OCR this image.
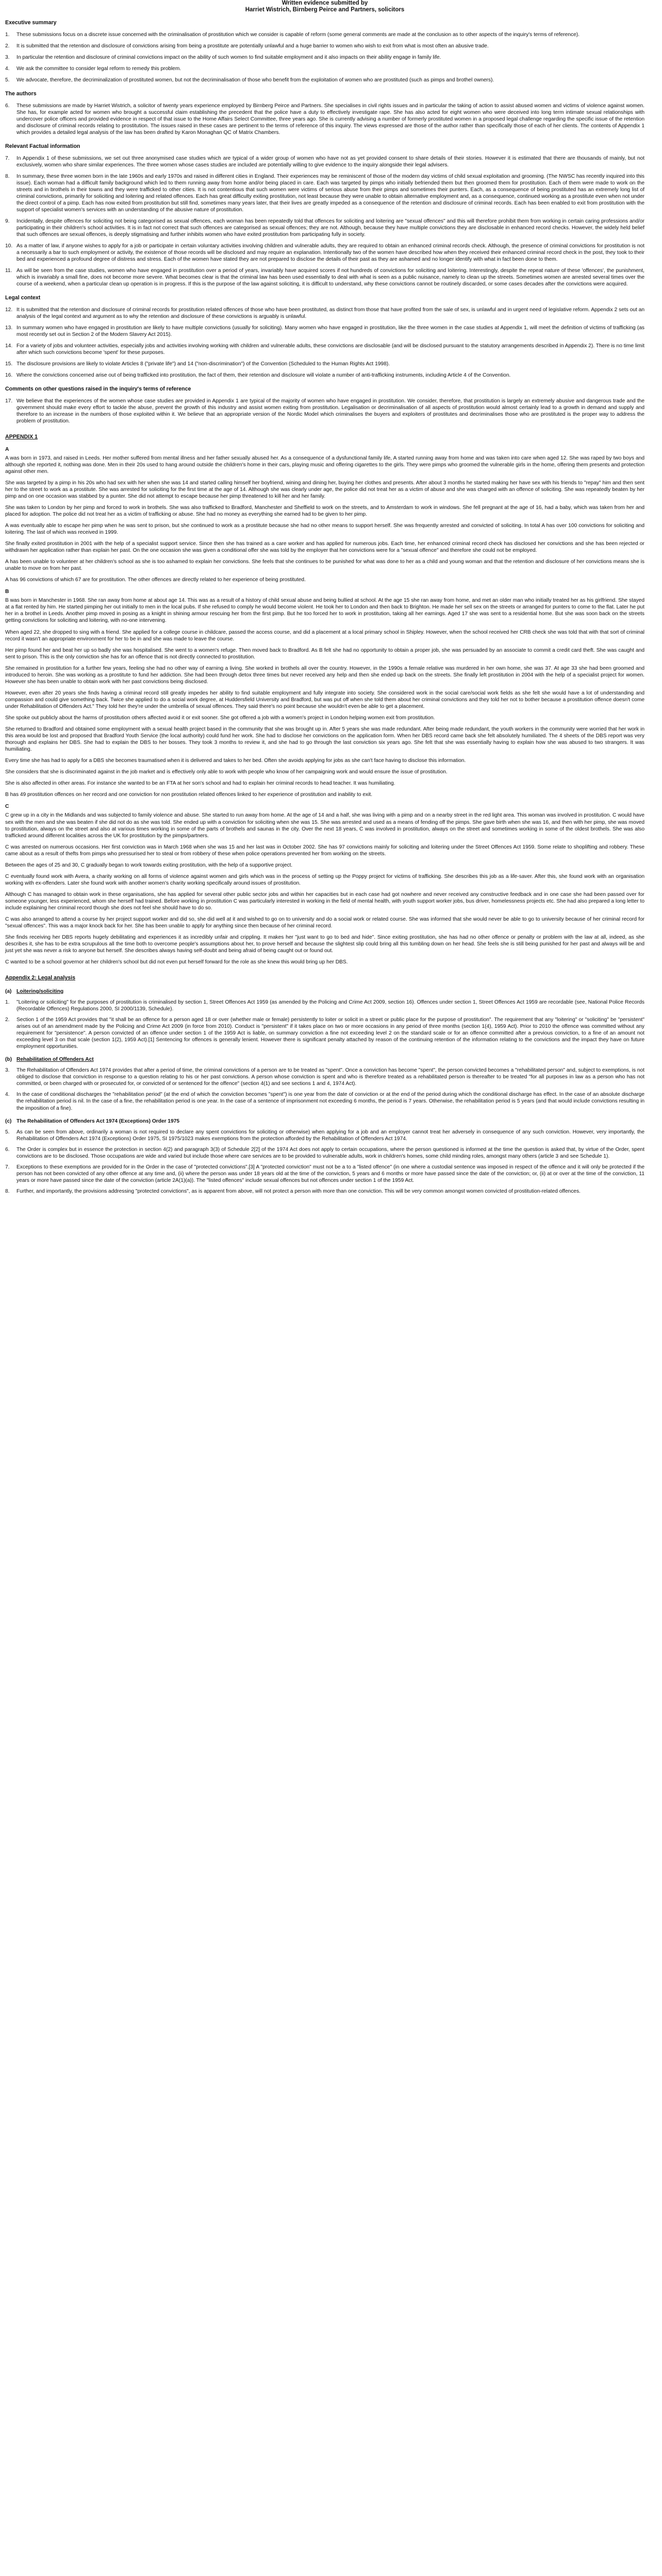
Written evidence submitted by
Harriet Wistrich, Birnberg Peirce and Partners, solicitors
Executive summary
1. These submissions focus on a discrete issue concerned with the criminalisation of prostitution which we consider is capable of reform (some general comments are made at the conclusion as to other aspects of the inquiry's terms of reference).
2. It is submitted that the retention and disclosure of convictions arising from being a prostitute are potentially unlawful and a huge barrier to women who wish to exit from what is most often an abusive trade.
3. In particular the retention and disclosure of criminal convictions impact on the ability of such women to find suitable employment and it also impacts on their ability engage in family life.
4. We ask the committee to consider legal reform to remedy this problem.
5. We advocate, therefore, the decriminalization of prostituted women, but not the decriminalisation of those who benefit from the exploitation of women who are prostituted (such as pimps and brothel owners).
The authors
6. These submissions are made by Harriet Wistrich, a solicitor of twenty years experience employed by Birnberg Peirce and Partners. She specialises in civil rights issues and in particular the taking of action to assist abused women and victims of violence against women. She has, for example acted for women who brought a successful claim establishing the precedent that the police have a duty to effectively investigate rape. She has also acted for eight women who were deceived into long term intimate sexual relationships with undercover police officers and provided evidence in respect of that issue to the Home Affairs Select Committee, three years ago. She is currently advising a number of formerly prostituted women in a proposed legal challenge regarding the specific issue of the retention and disclosure of criminal records relating to prostitution. The issues raised in these cases are pertinent to the terms of reference of this inquiry. The views expressed are those of the author rather than specifically those of each of her clients. The contents of Appendix 1 which provides a detailed legal analysis of the law has been drafted by Karon Monaghan QC of Matrix Chambers.
Relevant Factual information
7. In Appendix 1 of these submissions, we set out three anonymised case studies which are typical of a wider group of women who have not as yet provided consent to share details of their stories. However it is estimated that there are thousands of mainly, but not exclusively, women who share similar experiences. The three women whose cases studies are included are potentially willing to give evidence to the inquiry alongside their legal advisers.
8. In summary, these three women born in the late 1960s and early 1970s and raised in different cities in England. Their experiences may be reminiscent of those of the modern day victims of child sexual exploitation and grooming. (The NWSC has recently inquired into this issue). Each woman had a difficult family background which led to them running away from home and/or being placed in care. Each was targeted by pimps who initially befriended them but then groomed them for prostitution. Each of them were made to work on the streets and in brothels in their towns and they were trafficked to other cities. It is not contentious that such women were victims of serious abuse from their pimps and sometimes their punters. Each, as a consequence of being prostituted has an extremely long list of criminal convictions, primarily for soliciting and loitering and related offences. Each has great difficulty exiting prostitution, not least because they were unable to obtain alternative employment and, as a consequence, continued working as a prostitute even when not under the direct control of a pimp. Each has now exited from prostitution but still find, sometimes many years later, that their lives are greatly impeded as a consequence of the retention and disclosure of criminal records. Each has been enabled to exit from prostitution with the support of specialist women's services with an understanding of the abusive nature of prostitution.
9. Incidentally, despite offences for soliciting not being categorised as sexual offences, each woman has been repeatedly told that offences for soliciting and loitering are "sexual offences" and this will therefore prohibit them from working in certain caring professions and/or participating in their children's school activities. It is in fact not correct that such offences are categorised as sexual offences; they are not. Although, because they have multiple convictions they are disclosable in enhanced record checks. However, the widely held belief that such offences are sexual offences, is deeply stigmatising and further inhibits women who have exited prostitution from participating fully in society.
10. As a matter of law, if anyone wishes to apply for a job or participate in certain voluntary activities involving children and vulnerable adults, they are required to obtain an enhanced criminal records check. Although, the presence of criminal convictions for prostitution is not a necessarily a bar to such employment or activity, the existence of those records will be disclosed and may require an explanation. Intentionally two of the women have described how when they received their enhanced criminal record check in the post, they took to their bed and experienced a profound degree of distress and stress. Each of the women have stated they are not prepared to disclose the details of their past as they are ashamed and no longer identify with what in fact been done to them.
11. As will be seen from the case studies, women who have engaged in prostitution over a period of years, invariably have acquired scores if not hundreds of convictions for soliciting and loitering. Interestingly, despite the repeat nature of these 'offences', the punishment, which is invariably a small fine, does not become more severe. What becomes clear is that the criminal law has been used essentially to deal with what is seen as a public nuisance, namely to clean up the streets. Sometimes women are arrested several times over the course of a weekend, when a particular clean up operation is in progress. If this is the purpose of the law against soliciting, it is difficult to understand, why these convictions cannot be routinely discarded, or some cases decades after the convictions were acquired.
Legal context
12. It is submitted that the retention and disclosure of criminal records for prostitution related offences of those who have been prostituted, as distinct from those that have profited from the sale of sex, is unlawful and in urgent need of legislative reform. Appendix 2 sets out an analysis of the legal context and argument as to why the retention and disclosure of these convictions is arguably is unlawful.
13. In summary women who have engaged in prostitution are likely to have multiple convictions (usually for soliciting). Many women who have engaged in prostitution, like the three women in the case studies at Appendix 1, will meet the definition of victims of trafficking (as most recently set out in Section 2 of the Modern Slavery Act 2015).
14. For a variety of jobs and volunteer activities, especially jobs and activities involving working with children and vulnerable adults, these convictions are disclosable (and will be disclosed pursuant to the statutory arrangements described in Appendix 2). There is no time limit after which such convictions become 'spent' for these purposes.
15. The disclosure provisions are likely to violate Articles 8 ("private life") and 14 ("non-discrimination") of the Convention (Scheduled to the Human Rights Act 1998).
16. Where the convictions concerned arise out of being trafficked into prostitution, the fact of them, their retention and disclosure will violate a number of anti-trafficking instruments, including Article 4 of the Convention.
Comments on other questions raised in the inquiry's terms of reference
17. We believe that the experiences of the women whose case studies are provided in Appendix 1 are typical of the majority of women who have engaged in prostitution. We consider, therefore, that prostitution is largely an extremely abusive and dangerous trade and the government should make every effort to tackle the abuse, prevent the growth of this industry and assist women exiting from prostitution. Legalisation or decriminalisation of all aspects of prostitution would almost certainly lead to a growth in demand and supply and therefore to an increase in the numbers of those exploited within it. We believe that an appropriate version of the Nordic Model which criminalises the buyers and exploiters of prostitutes and decriminalises those who are prostituted is the proper way to address the problem of prostitution.
APPENDIX 1
A

A was born in 1973, and raised in Leeds. Her mother suffered from mental illness and her father sexually abused her. As a consequence of a dysfunctional family life, A started running away from home and was taken into care when aged 12. She was raped by two boys and although she reported it, nothing was done. Men in their 20s used to hang around outside the children's home in their cars, playing music and offering cigarettes to the girls. They were pimps who groomed the vulnerable girls in the home, offering them presents and protection against other men.

She was targeted by a pimp in his 20s who had sex with her when she was 14 and started calling himself her boyfriend, wining and dining her, buying her clothes and presents. After about 3 months he started making her have sex with his friends to "repay" him and then sent her to the street to work as a prostitute. She was arrested for soliciting for the first time at the age of 14. Although she was clearly under age, the police did not treat her as a victim of abuse and she was charged with an offence of soliciting. She was repeatedly beaten by her pimp and on one occasion was stabbed by a punter. She did not attempt to escape because her pimp threatened to kill her and her family.

She was taken to London by her pimp and forced to work in brothels. She was also trafficked to Bradford, Manchester and Sheffield to work on the streets, and to Amsterdam to work in windows. She fell pregnant at the age of 16, had a baby, which was taken from her and placed for adoption. The police did not treat her as a victim of trafficking or abuse. She had no money as everything she earned had to be given to her pimp.

A was eventually able to escape her pimp when he was sent to prison, but she continued to work as a prostitute because she had no other means to support herself. She was frequently arrested and convicted of soliciting. In total A has over 100 convictions for soliciting and loitering. The last of which was received in 1999.

She finally exited prostitution in 2001 with the help of a specialist support service. Since then she has trained as a care worker and has applied for numerous jobs. Each time, her enhanced criminal record check has disclosed her convictions and she has been rejected or withdrawn her application rather than explain her past. On the one occasion she was given a conditional offer she was told by the employer that her convictions were for a "sexual offence" and therefore she could not be employed.

A has been unable to volunteer at her children's school as she is too ashamed to explain her convictions. She feels that she continues to be punished for what was done to her as a child and young woman and that the retention and disclosure of her convictions means she is unable to move on from her past.

A has 96 convictions of which 67 are for prostitution. The other offences are directly related to her experience of being prostituted.

B

B was born in Manchester in 1968. She ran away from home at about age 14. This was as a result of a history of child sexual abuse and being bullied at school. At the age 15 she ran away from home, and met an older man who initially treated her as his girlfriend. She stayed at a flat rented by him. He started pimping her out initially to men in the local pubs. If she refused to comply he would become violent. He took her to London and then back to Brighton. He made her sell sex on the streets or arranged for punters to come to the flat. Later he put her in a brothel in Leeds. Another pimp moved in posing as a knight in shining armour rescuing her from the first pimp. But he too forced her to work in prostitution, taking all her earnings. Aged 17 she was sent to a residential home. But she was soon back on the streets getting convictions for soliciting and loitering, with no-one intervening.

When aged 22, she dropped to sing with a friend. She applied for a college course in childcare, passed the access course, and did a placement at a local primary school in Shipley. However, when the school received her CRB check she was told that with that sort of criminal record it wasn't an appropriate environment for her to be in and she was made to leave the course.

Her pimp found her and beat her up so badly she was hospitalised. She went to a women's refuge. Then moved back to Bradford. As B felt she had no opportunity to obtain a proper job, she was persuaded by an associate to commit a credit card theft. She was caught and sent to prison. This is the only conviction she has for an offence that is not directly connected to prostitution.

She remained in prostitution for a further few years, feeling she had no other way of earning a living. She worked in brothels all over the country. However, in the 1990s a female relative was murdered in her own home, she was 37. At age 33 she had been groomed and introduced to heroin. She was working as a prostitute to fund her addiction. She had been through detox three times but never received any help and then she ended up back on the streets. She finally left prostitution in 2004 with the help of a specialist project for women. However she has been unable to obtain work with her past convictions being disclosed.

However, even after 20 years she finds having a criminal record still greatly impedes her ability to find suitable employment and fully integrate into society. She considered work in the social care/social work fields as she felt she would have a lot of understanding and compassion and could give something back. Twice she applied to do a social work degree, at Huddersfield University and Bradford, but was put off when she told them about her criminal convictions and they told her not to bother because a prostitution offence doesn't come under Rehabilitation of Offenders Act." They told her they're under the umbrella of sexual offences. They said there's no point because she wouldn't even be able to get a placement.

She spoke out publicly about the harms of prostitution others affected avoid it or exit sooner. She got offered a job with a women's project in London helping women exit from prostitution.

She returned to Bradford and obtained some employment with a sexual health project based in the community that she was brought up in. After 5 years she was made redundant. After being made redundant, the youth workers in the community were worried that her work in this area would be lost and proposed that Bradford Youth Service (the local authority) could fund her work. She had to disclose her convictions on the application form. When her DBS record came back she felt absolutely humiliated. The 4 sheets of the DBS report was very thorough and explains her DBS. She had to explain the DBS to her bosses. They took 3 months to review it, and she had to go through the last conviction six years ago. She felt that she was essentially having to explain how she was abused to two strangers. It was humiliating.

Every time she has had to apply for a DBS she becomes traumatised when it is delivered and takes to her bed. Often she avoids applying for jobs as she can't face having to disclose this information.

She considers that she is discriminated against in the job market and is effectively only able to work with people who know of her campaigning work and would ensure the issue of prostitution.

She is also affected in other areas. For instance she wanted to be an FTA at her son's school and had to explain her criminal records to head teacher. It was humiliating.

B has 49 prostitution offences on her record and one conviction for non prostitution related offences linked to her experience of prostitution and inability to exit.

C

C grew up in a city in the Midlands and was subjected to family violence and abuse. She started to run away from home. At the age of 14 and a half, she was living with a pimp and on a nearby street in the red light area. This woman was involved in prostitution. C would have sex with the men and she was beaten if she did not do as she was told. She ended up with a conviction for soliciting when she was 15. She was arrested and used as a means of fending off the pimps. She gave birth when she was 16, and then with her pimp, she was moved to prostitution, always on the street and also at various times working in some of the parts of brothels and saunas in the city. Over the next 18 years, C was involved in prostitution, always on the street and sometimes working in some of the oldest brothels. She was also trafficked around different localities across the UK for prostitution by the pimps/partners.

C was arrested on numerous occasions. Her first conviction was in March 1968 when she was 15 and her last was in October 2002. She has 97 convictions mainly for soliciting and loitering under the Street Offences Act 1959. Some relate to shoplifting and robbery. These came about as a result of thefts from pimps who pressurised her to steal or from robbery of these when police operations prevented her from working on the streets.

Between the ages of 25 and 30, C gradually began to work towards exiting prostitution, with the help of a supportive project.

C eventually found work with Avera, a charity working on all forms of violence against women and girls which was in the process of setting up the Poppy project for victims of trafficking. She describes this job as a life-saver. After this, she found work with an organisation working with ex-offenders. Later she found work with another women's charity working specifically around issues of prostitution.

Although C has managed to obtain work in these organisations, she has applied for several other public sector jobs and within her capacities but in each case had got nowhere and never received any constructive feedback and in one case she had been passed over for someone younger, less experienced, whom she herself had trained. Before working in prostitution C was particularly interested in working in the field of mental health, with youth support worker jobs, bus driver, homelessness projects etc. She had also prepared a long letter to include explaining her criminal record though she does not feel she should have to do so.

C was also arranged to attend a course by her project support worker and did so, she did well at it and wished to go on to university and do a social work or related course. She was informed that she would never be able to go to university because of her criminal record for "sexual offences". This was a major knock back for her. She has been unable to apply for anything since then because of her criminal record.

She finds receiving her DBS reports hugely debilitating and experiences it as incredibly unfair and crippling. It makes her "just want to go to bed and hide". Since exiting prostitution, she has had no other offence or penalty or problem with the law at all, indeed, as she describes it, she has to be extra scrupulous all the time both to overcome people's assumptions about her, to prove herself and because the slightest slip could bring all this tumbling down on her head. She feels she is still being punished for her past and always will be and just yet she was never a risk to anyone but herself. She describes always having self-doubt and being afraid of being caught out or found out.

C wanted to be a school governor at her children's school but did not even put herself forward for the role as she knew this would bring up her DBS.

Appendix 2: Legal analysis
(a) Loitering/soliciting
1. "Loitering or soliciting" for the purposes of prostitution is criminalised by section 1, Street Offences Act 1959 (as amended by the Policing and Crime Act 2009, section 16). Offences under section 1, Street Offences Act 1959 are recordable (see, National Police Records (Recordable Offences) Regulations 2000, SI 2000/1139, Schedule).
2. Section 1 of the 1959 Act provides that "it shall be an offence for a person aged 18 or over (whether male or female) persistently to loiter or solicit in a street or public place for the purpose of prostitution". The requirement that any "loitering" or "soliciting" be "persistent" arises out of an amendment made by the Policing and Crime Act 2009 (in force from 2010). Conduct is "persistent" if it takes place on two or more occasions in any period of three months (section 1(4), 1959 Act). Prior to 2010 the offence was committed without any requirement for "persistence". A person convicted of an offence under section 1 of the 1959 Act is liable, on summary conviction a fine not exceeding level 2 on the standard scale or for an offence committed after a previous conviction, to a fine of an amount not exceeding level 3 on that scale (section 1(2), 1959 Act).[1] Sentencing for offences is generally lenient. However there is significant penalty attached by reason of the continuing retention of the information relating to the convictions and the impact they have on future employment opportunities.
(b) Rehabilitation of Offenders Act
3. The Rehabilitation of Offenders Act 1974 provides that after a period of time, the criminal convictions of a person are to be treated as "spent". Once a conviction has become "spent", the person convicted becomes a "rehabilitated person" and, subject to exemptions, is not obliged to disclose that conviction in response to a question relating to his or her past convictions. A person whose conviction is spent and who is therefore treated as a rehabilitated person is thereafter to be treated "for all purposes in law as a person who has not committed, or been charged with or prosecuted for, or convicted of or sentenced for the offence" (section 4(1) and see sections 1 and 4, 1974 Act).
4. In the case of conditional discharges the "rehabilitation period" (at the end of which the conviction becomes "spent") is one year from the date of conviction or at the end of the period during which the conditional discharge has effect. In the case of an absolute discharge the rehabilitation period is nil. In the case of a fine, the rehabilitation period is one year. In the case of a sentence of imprisonment not exceeding 6 months, the period is 7 years. Otherwise, the rehabilitation period is 5 years (and that would include convictions resulting in the imposition of a fine).
(c) The Rehabilitation of Offenders Act 1974 (Exceptions) Order 1975
5. As can be seen from above, ordinarily a woman is not required to declare any spent convictions for soliciting or otherwise) when applying for a job and an employer cannot treat her adversely in consequence of any such conviction. However, very importantly, the Rehabilitation of Offenders Act 1974 (Exceptions) Order 1975, SI 1975/1023 makes exemptions from the protection afforded by the Rehabilitation of Offenders Act 1974.
6. The Order is complex but in essence the protection in section 4(2) and paragraph 3(3) of Schedule 2[2] of the 1974 Act does not apply to certain occupations, where the person questioned is informed at the time the question is asked that, by virtue of the Order, spent convictions are to be disclosed. Those occupations are wide and varied but include those where care services are to be provided to vulnerable adults, work in children's homes, some child minding roles, amongst many others (article 3 and see Schedule 1).
7. Exceptions to these exemptions are provided for in the Order in the case of "protected convictions".[3] A "protected conviction" must not be a to a "listed offence" (in one where a custodial sentence was imposed in respect of the offence and it will only be protected if the person has not been convicted of any other offence at any time and, (ii) where the person was under 18 years old at the time of the conviction, 5 years and 6 months or more have passed since the date of the conviction; or, (ii) at or over at the time of the conviction, 11 years or more have passed since the date of the conviction (article 2A(1)(a)). The "listed offences" include sexual offences but not offences under section 1 of the 1959 Act.
8. Further, and importantly, the provisions addressing "protected convictions", as is apparent from above, will not protect a person with more than one conviction. This will be very common amongst women convicted of prostitution-related offences.
